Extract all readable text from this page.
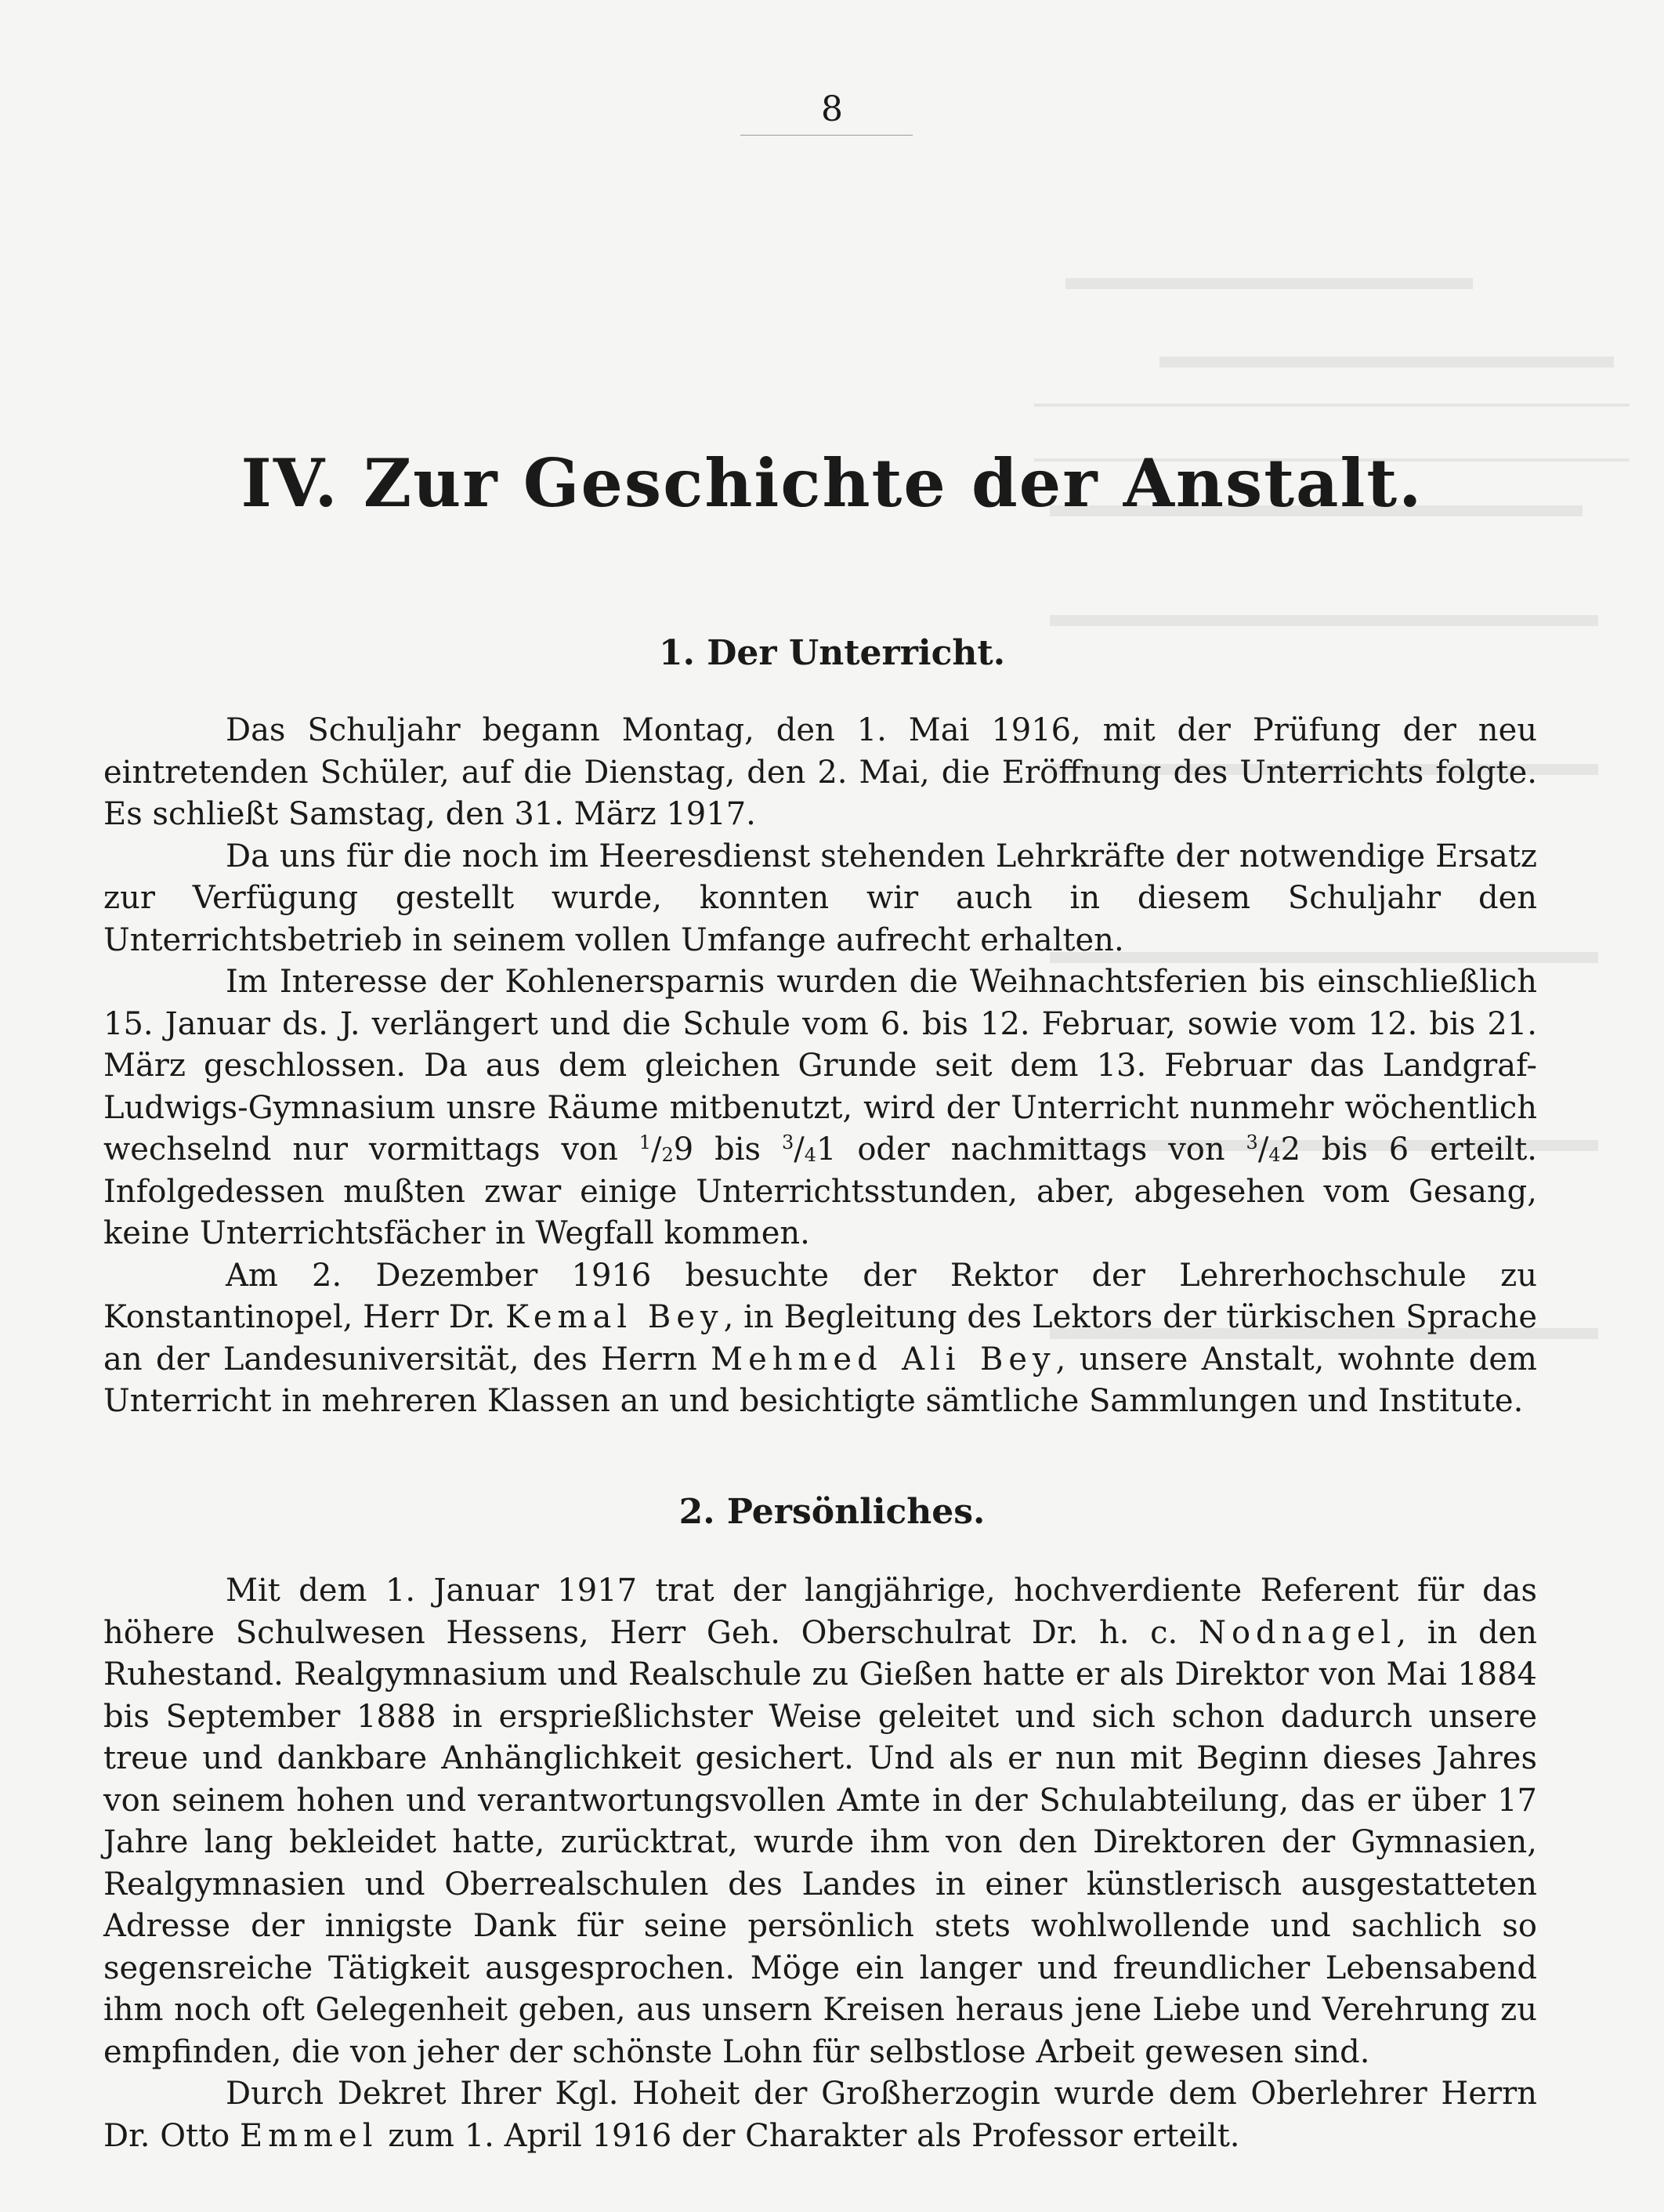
8
IV. Zur Geschichte der Anstalt.
1. Der Unterricht.

Das Schuljahr begann Montag, den 1. Mai 1916, mit der Prüfung der neu eintretenden Schüler, auf die Dienstag, den 2. Mai, die Eröffnung des Unterrichts folgte. Es schließt Samstag, den 31. März 1917.

Da uns für die noch im Heeresdienst stehenden Lehrkräfte der notwendige Ersatz zur Verfügung gestellt wurde, konnten wir auch in diesem Schuljahr den Unterrichtsbetrieb in seinem vollen Umfange aufrecht erhalten.

Im Interesse der Kohlenersparnis wurden die Weihnachtsferien bis einschließlich 15. Januar ds. J. verlängert und die Schule vom 6. bis 12. Februar, sowie vom 12. bis 21. März geschlossen. Da aus dem gleichen Grunde seit dem 13. Februar das Landgraf-Ludwigs-Gymnasium unsre Räume mitbenutzt, wird der Unterricht nunmehr wöchentlich wechselnd nur vormittags von $^1$/29 bis $^3$/41 oder nachmittags von $^3$/42 bis 6 erteilt. Infolgedessen mußten zwar einige Unterrichtsstunden, aber, abgesehen vom Gesang, keine Unterrichtsfächer in Wegfall kommen.

Am 2. Dezember 1916 besuchte der Rektor der Lehrerhochschule zu Konstantinopel, Herr Dr. Kemal Bey, in Begleitung des Lektors der türkischen Sprache an der Landesuniversität, des Herrn Mehmed Ali Bey, unsere Anstalt, wohnte dem Unterricht in mehreren Klassen an und besichtigte sämtliche Sammlungen und Institute.

2. Persönliches.

Mit dem 1. Januar 1917 trat der langjährige, hochverdiente Referent für das höhere Schulwesen Hessens, Herr Geh. Oberschulrat Dr. h. c. Nodnagel, in den Ruhestand. Realgymnasium und Realschule zu Gießen hatte er als Direktor von Mai 1884 bis September 1888 in ersprießlichster Weise geleitet und sich schon dadurch unsere treue und dankbare Anhänglichkeit gesichert. Und als er nun mit Beginn dieses Jahres von seinem hohen und verantwortungsvollen Amte in der Schulabteilung, das er über 17 Jahre lang bekleidet hatte, zurücktrat, wurde ihm von den Direktoren der Gymnasien, Realgymnasien und Oberrealschulen des Landes in einer künstlerisch ausgestatteten Adresse der innigste Dank für seine persönlich stets wohlwollende und sachlich so segensreiche Tätigkeit ausgesprochen. Möge ein langer und freundlicher Lebensabend ihm noch oft Gelegenheit geben, aus unsern Kreisen heraus jene Liebe und Verehrung zu empfinden, die von jeher der schönste Lohn für selbstlose Arbeit gewesen sind.

Durch Dekret Ihrer Kgl. Hoheit der Großherzogin wurde dem Oberlehrer Herrn Dr. Otto Emmel zum 1. April 1916 der Charakter als Professor erteilt.
